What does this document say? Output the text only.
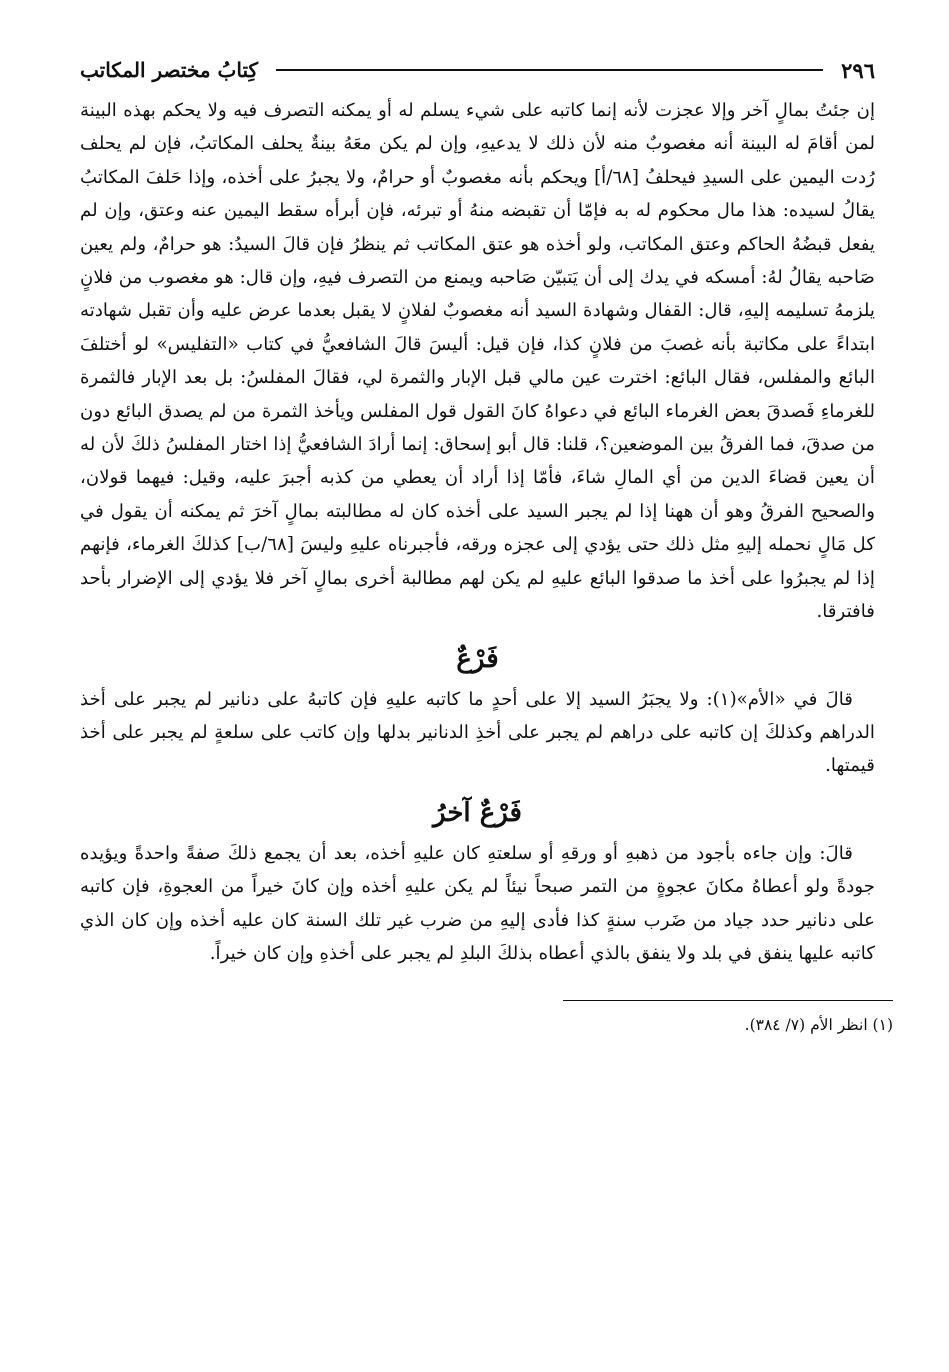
٢٩٦
كِتابُ مختصر المكاتب

إن جئتُ بمالٍ آخر وإلا عجزت لأنه إنما كاتبه على شيء يسلم له أو يمكنه التصرف فيه ولا يحكم بهذه البينة لمن أقامَ له البينة أنه مغصوبٌ منه لأن ذلك لا يدعيهِ، وإن لم يكن معَهُ بينةٌ يحلف المكاتبُ، فإن لم يحلف رُدت اليمين على السيدِ فيحلفُ [٦٨/أ] ويحكم بأنه مغصوبٌ أو حرامٌ، ولا يجبرُ على أخذه، وإذا حَلفَ المكاتبُ يقالُ لسيده: هذا مال محكوم له به فإمّا أن تقبضه منهُ أو تبرئه، فإن أبرأه سقط اليمين عنه وعتق، وإن لم يفعل قبضُهُ الحاكم وعتق المكاتب، ولو أخذه هو عتق المكاتب ثم ينظرُ فإن قالَ السيدُ: هو حرامٌ، ولم يعين صَاحبه يقالُ لهُ: أمسكه في يدك إلى أن يَتبيّن صَاحبه ويمنع من التصرف فيهِ، وإن قال: هو مغصوب من فلانٍ يلزمهُ تسليمه إليهِ، قال: القفال وشهادة السيد أنه مغصوبٌ لفلانٍ لا يقبل بعدما عرض عليه وأن تقبل شهادته ابتداءً على مكاتبة بأنه غصبَ من فلانٍ كذا، فإن قيل: أليسَ قالَ الشافعيُّ في كتاب «التفليس» لو أختلفَ البائع والمفلس، فقال البائع: اخترت عين مالي قبل الإبار والثمرة لي، فقالَ المفلسُ: بل بعد الإبار فالثمرة للغرماءِ فَصدقَ بعض الغرماء البائع في دعواهُ كانَ القول قول المفلس ويأخذ الثمرة من لم يصدق البائع دون من صدقَ، فما الفرقُ بين الموضعين؟، قلنا: قال أبو إسحاق: إنما أرادَ الشافعيُّ إذا اختار المفلسُ ذلكَ لأن له أن يعين قضاءَ الدين من أي المالِ شاءَ، فأمّا إذا أراد أن يعطي من كذبه أجبرَ عليه، وقيل: فيهما قولان، والصحيح الفرقُ وهو أن ههنا إذا لم يجبر السيد على أخذه كان له مطالبته بمالٍ آخرَ ثم يمكنه أن يقول في كل مَالٍ نحمله إليهِ مثل ذلك حتى يؤدي إلى عجزه ورقه، فأجبرناه عليهِ وليسَ [٦٨/ب] كذلكَ الغرماء، فإنهم إذا لم يجبرُوا على أخذ ما صدقوا البائع عليهِ لم يكن لهم مطالبة أخرى بمالٍ آخر فلا يؤدي إلى الإضرار بأحد فافترقا.

فَرْعٌ

قالَ في «الأم»(١): ولا يجبَرُ السيد إلا على أحدٍ ما كاتبه عليهِ فإن كاتبهُ على دنانير لم يجبر على أخذ الدراهم وكذلكَ إن كاتبه على دراهم لم يجبر على أخذِ الدنانير بدلها وإن كاتب على سلعةٍ لم يجبر على أخذ قيمتها.

فَرْعٌ آخرُ

قالَ: وإن جاءه بأجود من ذهبهِ أو ورقهِ أو سلعتهِ كان عليهِ أخذه، بعد أن يجمع ذلكَ صفةً واحدةً ويؤيده جودةً ولو أعطاهُ مكانَ عجوةٍ من التمر صبحاً نيئاً لم يكن عليهِ أخذه وإن كانَ خيراً من العجوةِ، فإن كاتبه على دنانير حدد جياد من ضَرب سنةٍ كذا فأدى إليهِ من ضرب غير تلك السنة كان عليه أخذه وإن كان الذي كاتبه عليها ينفق في بلد ولا ينفق بالذي أعطاه بذلكَ البلدِ لم يجبر على أخذهِ وإن كان خيراً.

(١) انظر الأم (٧/ ٣٨٤).
